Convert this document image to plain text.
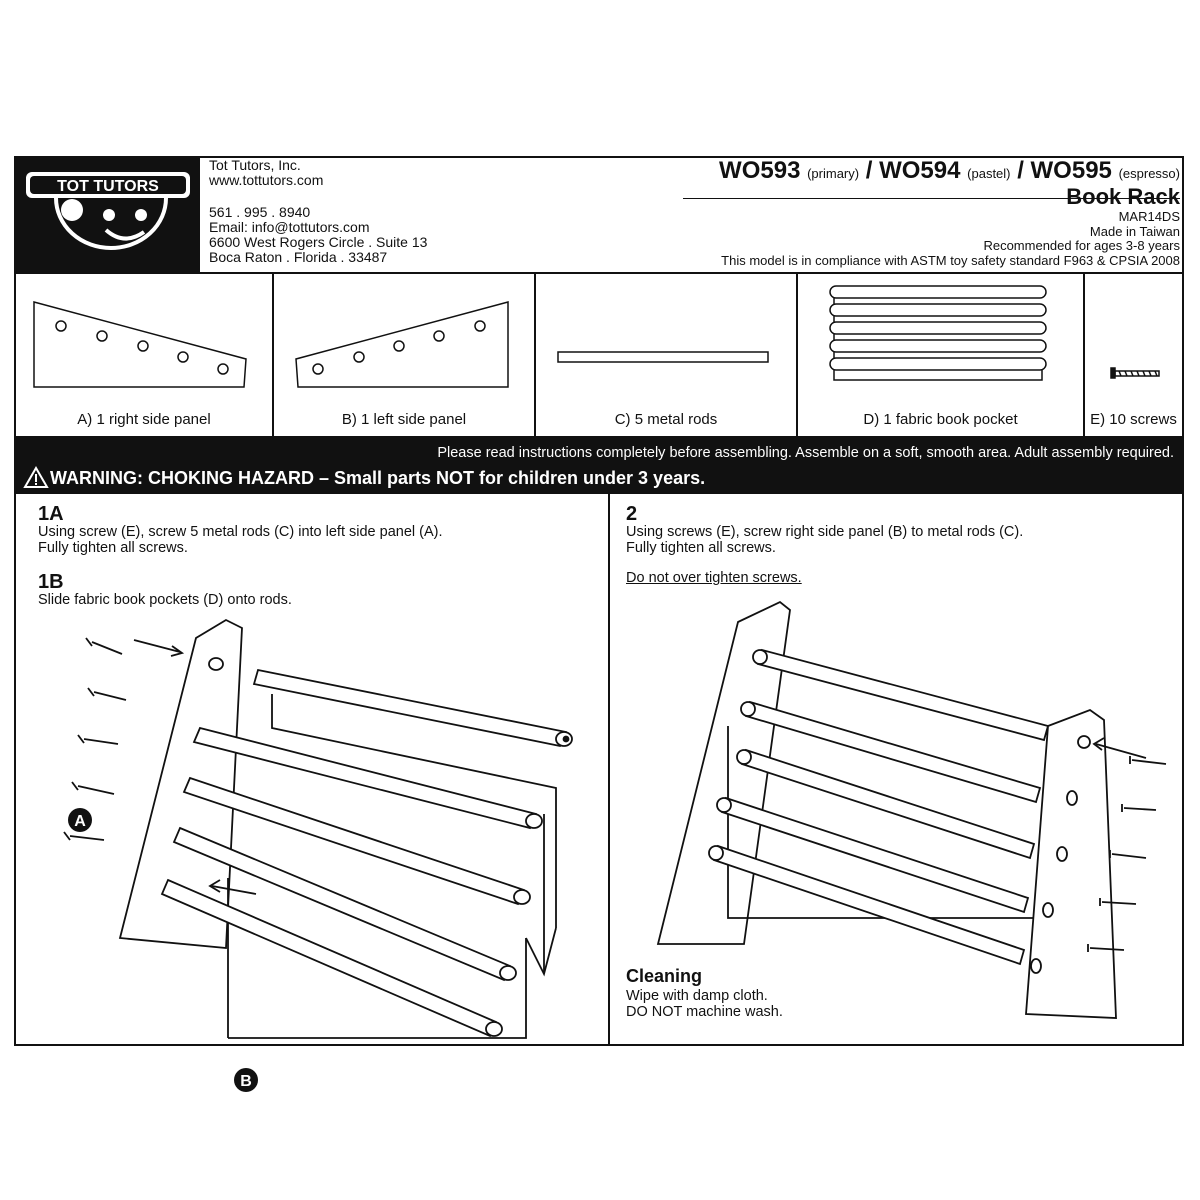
TOT TUTORS
Tot Tutors, Inc.
www.tottutors.com
561 . 995 . 8940
Email: info@tottutors.com
6600 West Rogers Circle . Suite 13
Boca Raton . Florida . 33487
WO593 (primary) / WO594 (pastel) / WO595 (espresso)
Book Rack
MAR14DS
Made in Taiwan
Recommended for ages 3-8 years
This model is in compliance with ASTM toy safety standard F963 & CPSIA 2008
A) 1 right side panel	B) 1 left side panel	C) 5 metal rods	D) 1 fabric book pocket	E) 10 screws
Please read instructions completely before assembling. Assemble on a soft, smooth area. Adult assembly required.
WARNING: CHOKING HAZARD – Small parts NOT for children under 3 years.
1A
Using screw (E), screw 5 metal rods (C) into left side panel (A).
Fully tighten all screws.
1B
Slide fabric book pockets (D) onto rods.
A
B
2
Using screws (E), screw right side panel (B) to metal rods (C).
Fully tighten all screws.
Do not over tighten screws.
Cleaning
Wipe with damp cloth.
DO NOT machine wash.
